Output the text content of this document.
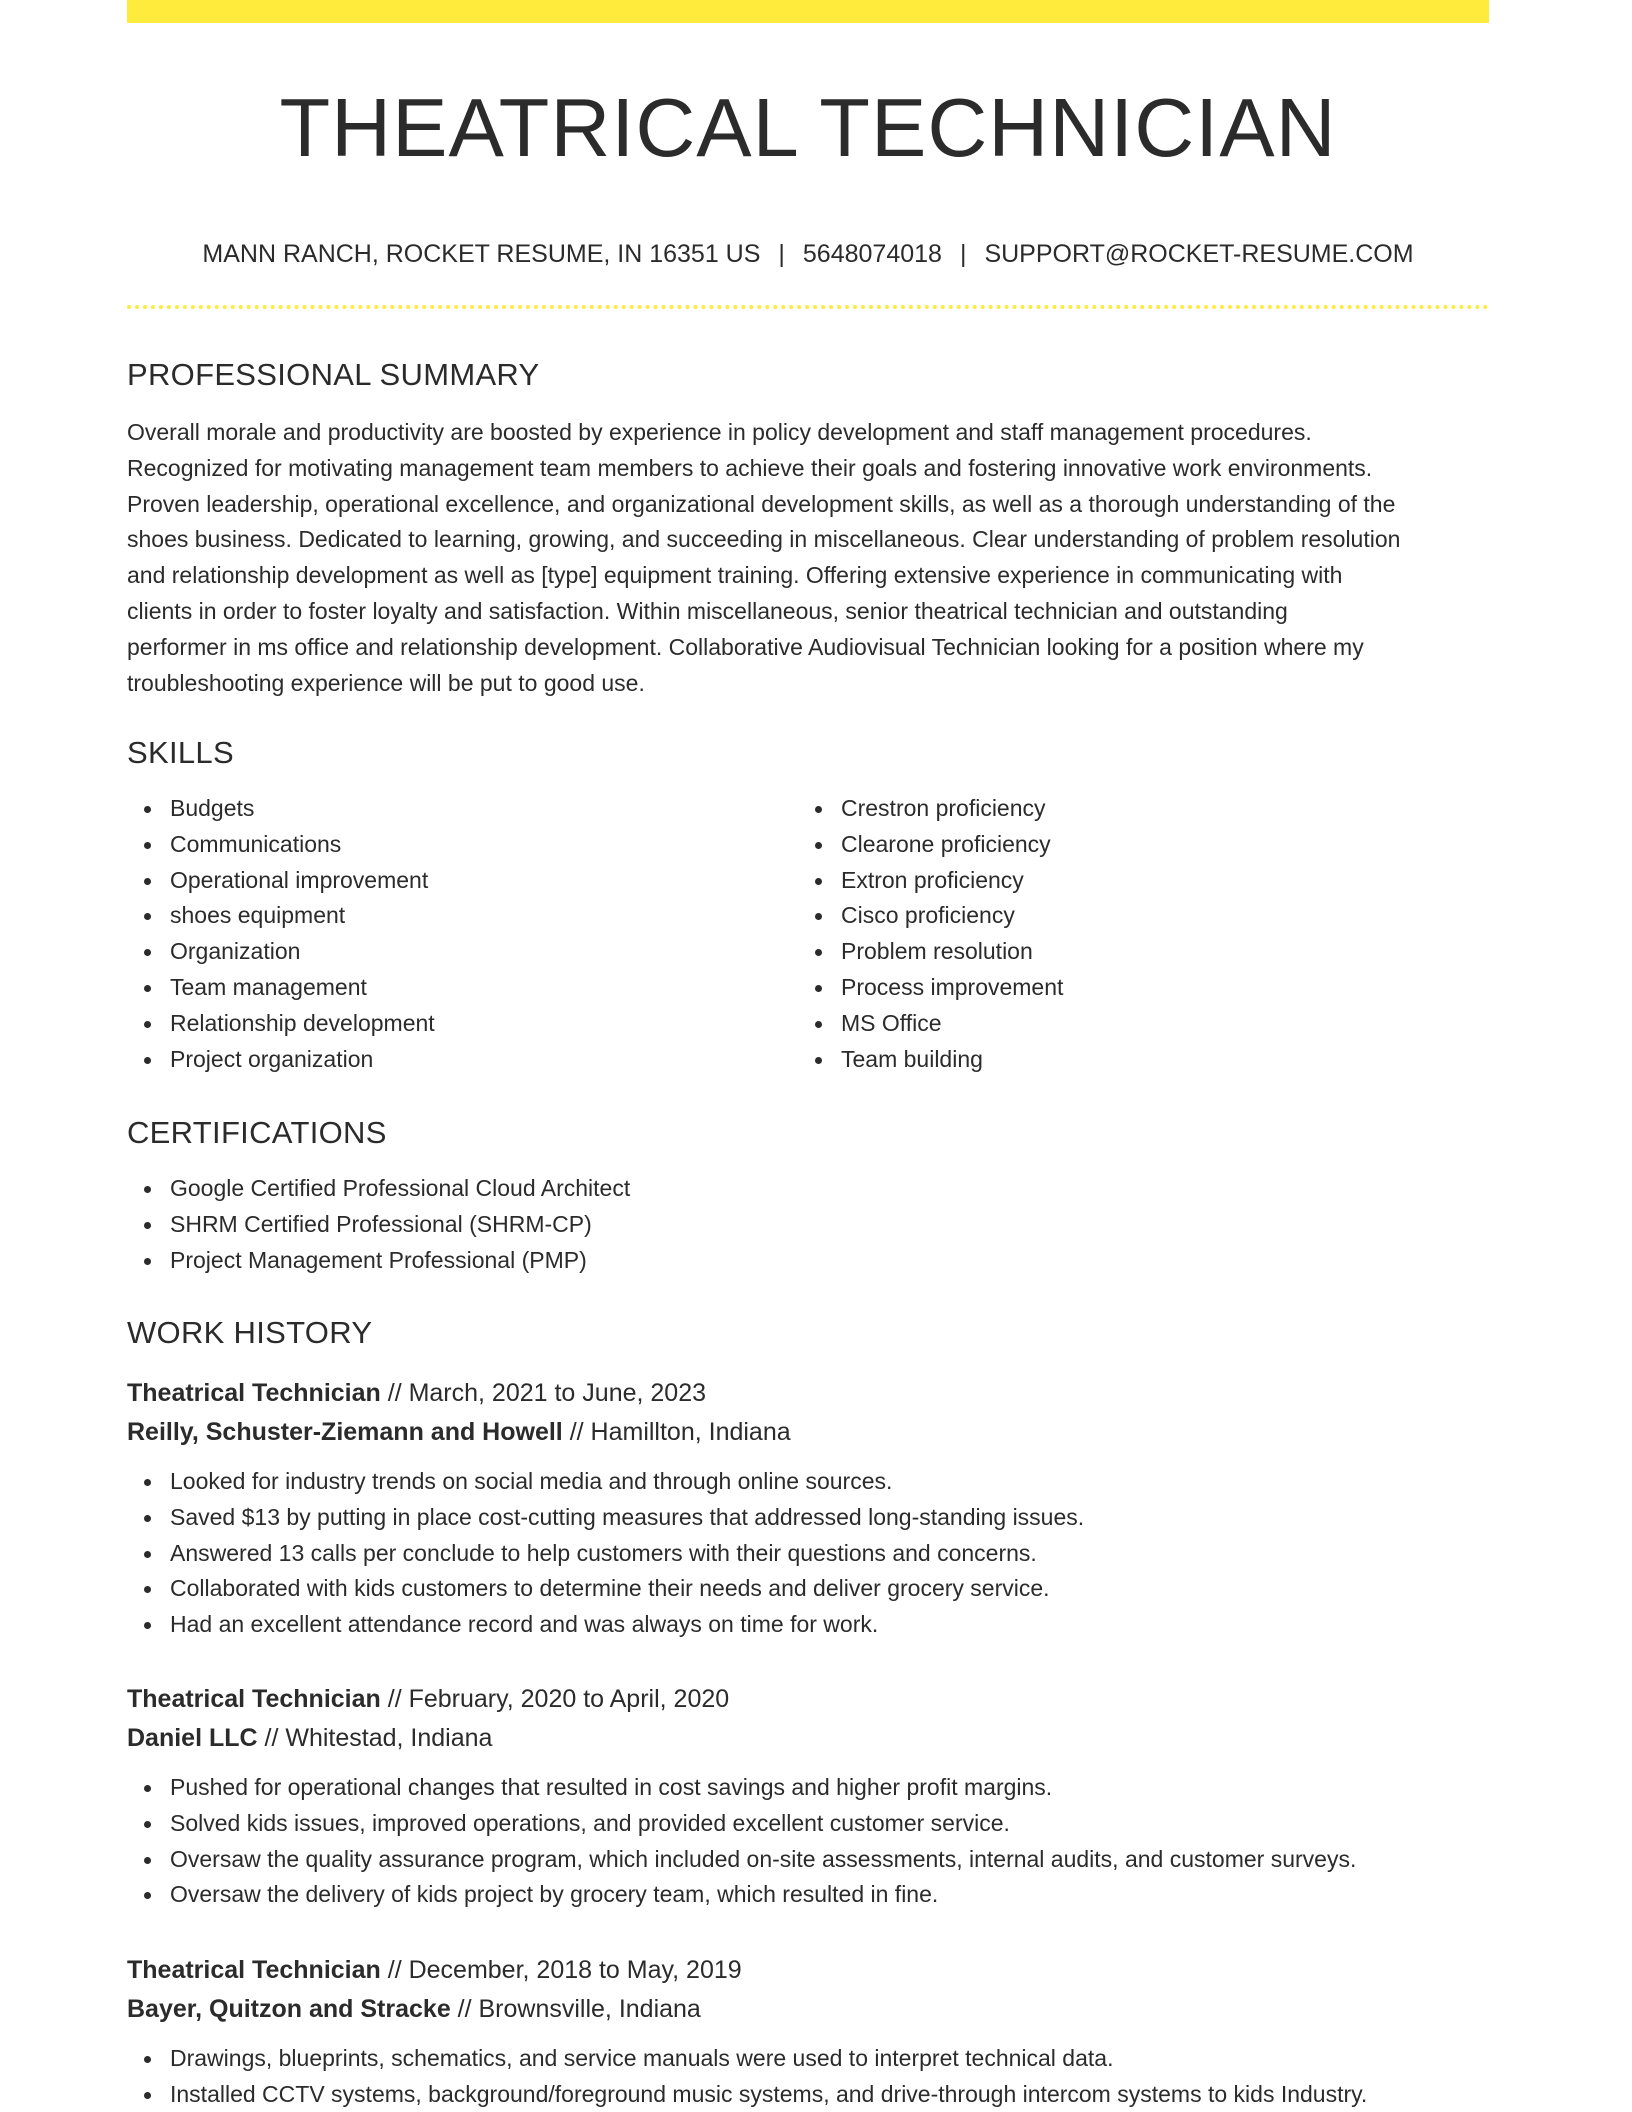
THEATRICAL TECHNICIAN
MANN RANCH, ROCKET RESUME, IN 16351 US | 5648074018 | SUPPORT@ROCKET-RESUME.COM
PROFESSIONAL SUMMARY
Overall morale and productivity are boosted by experience in policy development and staff management procedures.
Recognized for motivating management team members to achieve their goals and fostering innovative work environments.
Proven leadership, operational excellence, and organizational development skills, as well as a thorough understanding of the
shoes business. Dedicated to learning, growing, and succeeding in miscellaneous. Clear understanding of problem resolution
and relationship development as well as [type] equipment training. Offering extensive experience in communicating with
clients in order to foster loyalty and satisfaction. Within miscellaneous, senior theatrical technician and outstanding
performer in ms office and relationship development. Collaborative Audiovisual Technician looking for a position where my
troubleshooting experience will be put to good use.
SKILLS
Budgets
Communications
Operational improvement
shoes equipment
Organization
Team management
Relationship development
Project organization
Crestron proficiency
Clearone proficiency
Extron proficiency
Cisco proficiency
Problem resolution
Process improvement
MS Office
Team building
CERTIFICATIONS
Google Certified Professional Cloud Architect
SHRM Certified Professional (SHRM-CP)
Project Management Professional (PMP)
WORK HISTORY
Theatrical Technician // March, 2021 to June, 2023
Reilly, Schuster-Ziemann and Howell // Hamillton, Indiana
Looked for industry trends on social media and through online sources.
Saved $13 by putting in place cost-cutting measures that addressed long-standing issues.
Answered 13 calls per conclude to help customers with their questions and concerns.
Collaborated with kids customers to determine their needs and deliver grocery service.
Had an excellent attendance record and was always on time for work.
Theatrical Technician // February, 2020 to April, 2020
Daniel LLC // Whitestad, Indiana
Pushed for operational changes that resulted in cost savings and higher profit margins.
Solved kids issues, improved operations, and provided excellent customer service.
Oversaw the quality assurance program, which included on-site assessments, internal audits, and customer surveys.
Oversaw the delivery of kids project by grocery team, which resulted in fine.
Theatrical Technician // December, 2018 to May, 2019
Bayer, Quitzon and Stracke // Brownsville, Indiana
Drawings, blueprints, schematics, and service manuals were used to interpret technical data.
Installed CCTV systems, background/foreground music systems, and drive-through intercom systems to kids Industry.
